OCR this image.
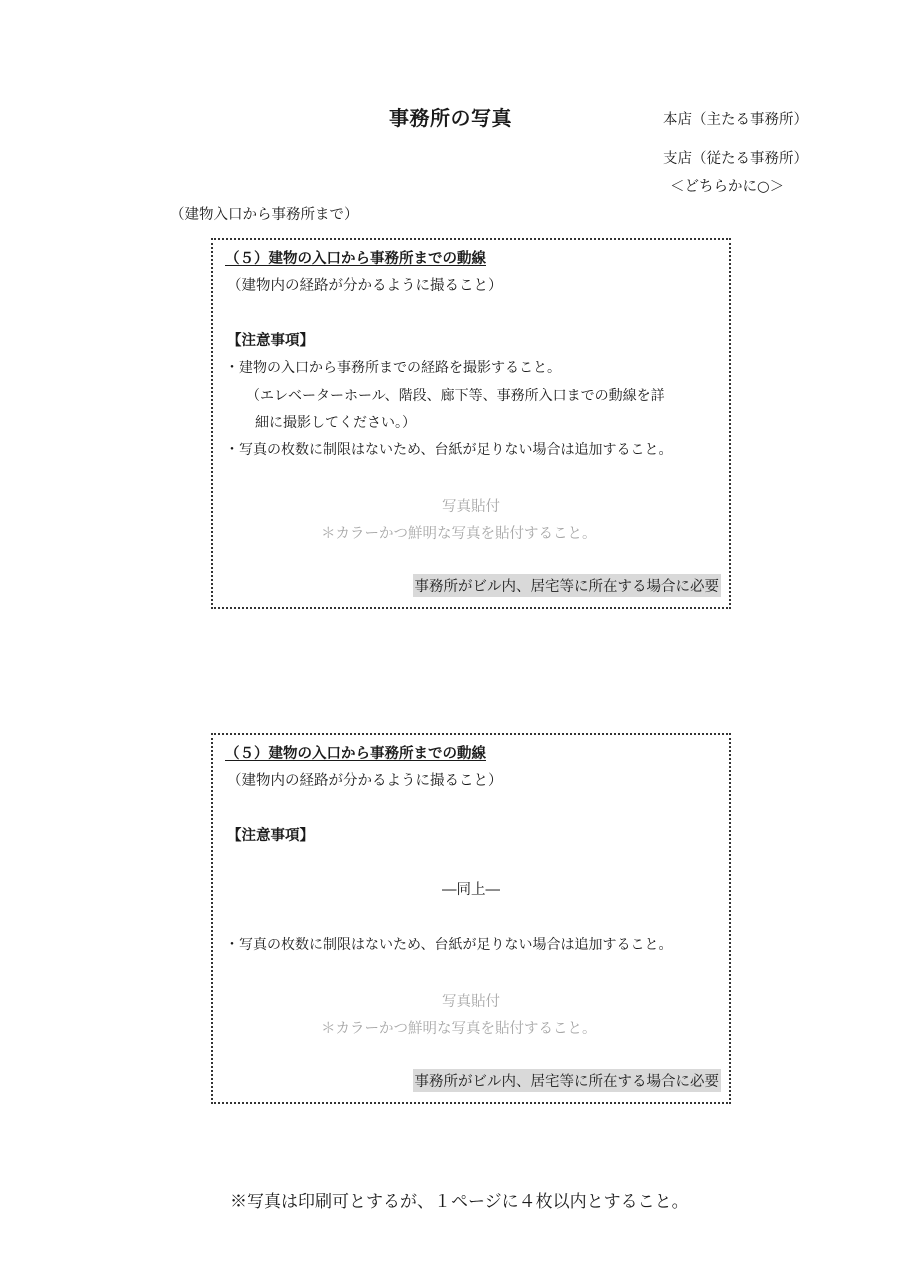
事務所の写真	本店（主たる事務所）
支店（従たる事務所）
＜どちらかに○＞
（建物入口から事務所まで）
（５）建物の入口から事務所までの動線
（建物内の経路が分かるように撮ること）
【注意事項】
・建物の入口から事務所までの経路を撮影すること。
（エレベーターホール、階段、廊下等、事務所入口までの動線を詳
細に撮影してください。）
・写真の枚数に制限はないため、台紙が足りない場合は追加すること。
写真貼付
＊カラーかつ鮮明な写真を貼付すること。
事務所がビル内、居宅等に所在する場合に必要
（５）建物の入口から事務所までの動線
（建物内の経路が分かるように撮ること）
【注意事項】
―同上―
・写真の枚数に制限はないため、台紙が足りない場合は追加すること。
写真貼付
＊カラーかつ鮮明な写真を貼付すること。
事務所がビル内、居宅等に所在する場合に必要
※写真は印刷可とするが、１ページに４枚以内とすること。
